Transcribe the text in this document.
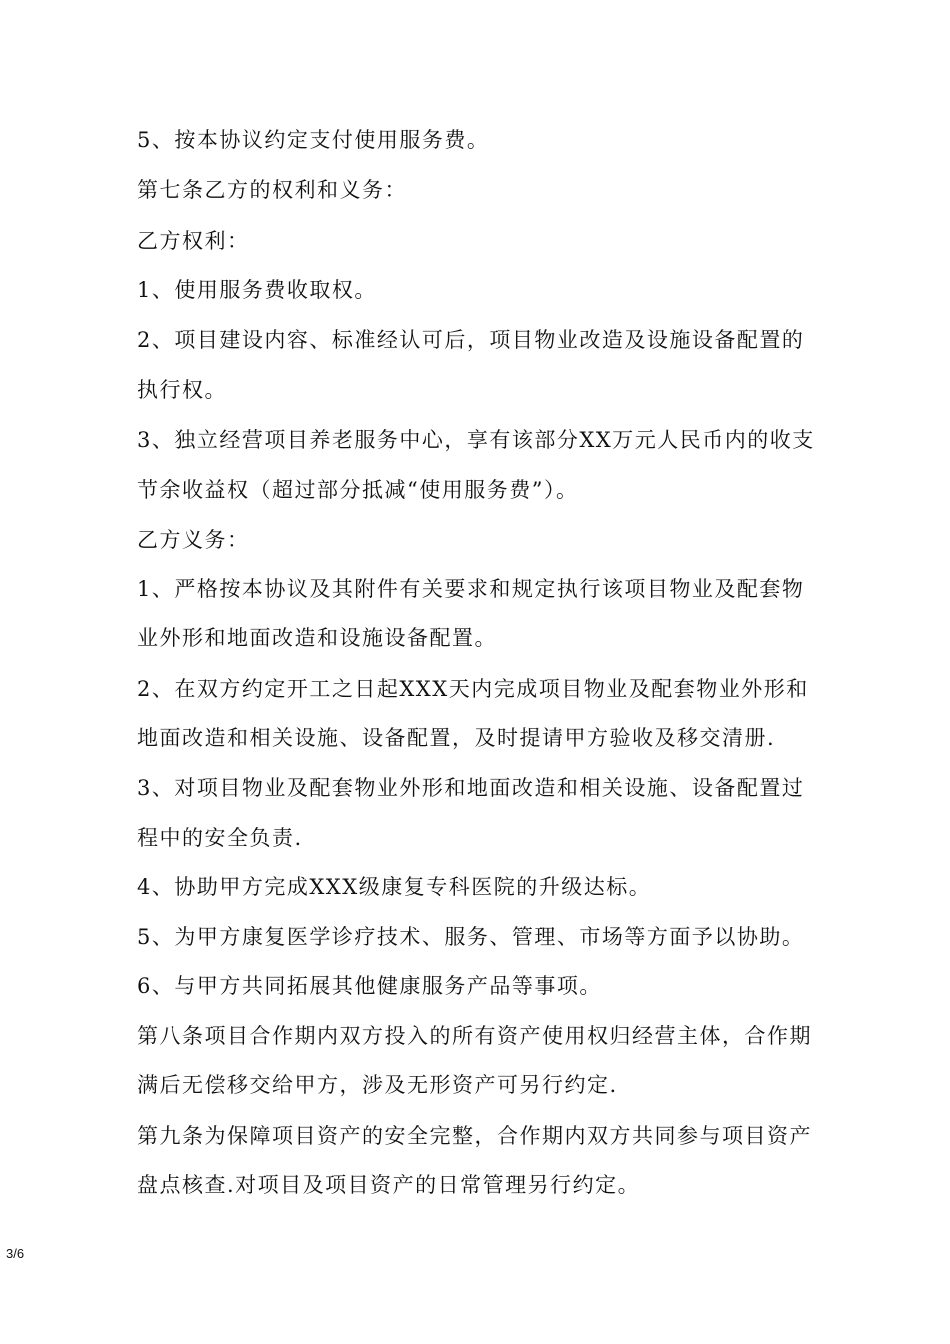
5、按本协议约定支付使用服务费。
第七条乙方的权利和义务：
乙方权利：
1、使用服务费收取权。
2、项目建设内容、标准经认可后，项目物业改造及设施设备配置的
执行权。
3、独立经营项目养老服务中心，享有该部分XX万元人民币内的收支
节余收益权（超过部分抵减“使用服务费”）。
乙方义务：
1、严格按本协议及其附件有关要求和规定执行该项目物业及配套物
业外形和地面改造和设施设备配置。
2、在双方约定开工之日起XXX天内完成项目物业及配套物业外形和
地面改造和相关设施、设备配置，及时提请甲方验收及移交清册.
3、对项目物业及配套物业外形和地面改造和相关设施、设备配置过
程中的安全负责.
4、协助甲方完成XXX级康复专科医院的升级达标。
5、为甲方康复医学诊疗技术、服务、管理、市场等方面予以协助。
6、与甲方共同拓展其他健康服务产品等事项。
第八条项目合作期内双方投入的所有资产使用权归经营主体，合作期
满后无偿移交给甲方，涉及无形资产可另行约定.
第九条为保障项目资产的安全完整，合作期内双方共同参与项目资产
盘点核查.对项目及项目资产的日常管理另行约定。
3/6
